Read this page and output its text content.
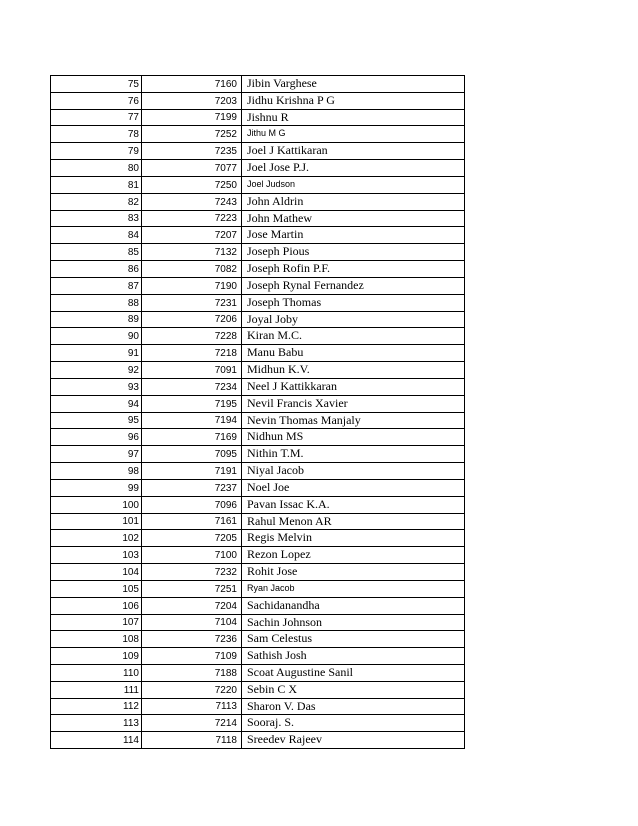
75	7160	Jibin Varghese
76	7203	Jidhu Krishna P G
77	7199	Jishnu R
78	7252	Jithu M G
79	7235	Joel J Kattikaran
80	7077	Joel Jose P.J.
81	7250	Joel Judson
82	7243	John Aldrin
83	7223	John Mathew
84	7207	Jose Martin
85	7132	Joseph Pious
86	7082	Joseph Rofin P.F.
87	7190	Joseph Rynal Fernandez
88	7231	Joseph Thomas
89	7206	Joyal Joby
90	7228	Kiran M.C.
91	7218	Manu Babu
92	7091	Midhun K.V.
93	7234	Neel J Kattikkaran
94	7195	Nevil Francis Xavier
95	7194	Nevin Thomas Manjaly
96	7169	Nidhun MS
97	7095	Nithin T.M.
98	7191	Niyal Jacob
99	7237	Noel Joe
100	7096	Pavan Issac K.A.
101	7161	Rahul Menon AR
102	7205	Regis Melvin
103	7100	Rezon Lopez
104	7232	Rohit Jose
105	7251	Ryan Jacob
106	7204	Sachidanandha
107	7104	Sachin Johnson
108	7236	Sam Celestus
109	7109	Sathish Josh
110	7188	Scoat Augustine Sanil
111	7220	Sebin C X
112	7113	Sharon V. Das
113	7214	Sooraj. S.
114	7118	Sreedev Rajeev
